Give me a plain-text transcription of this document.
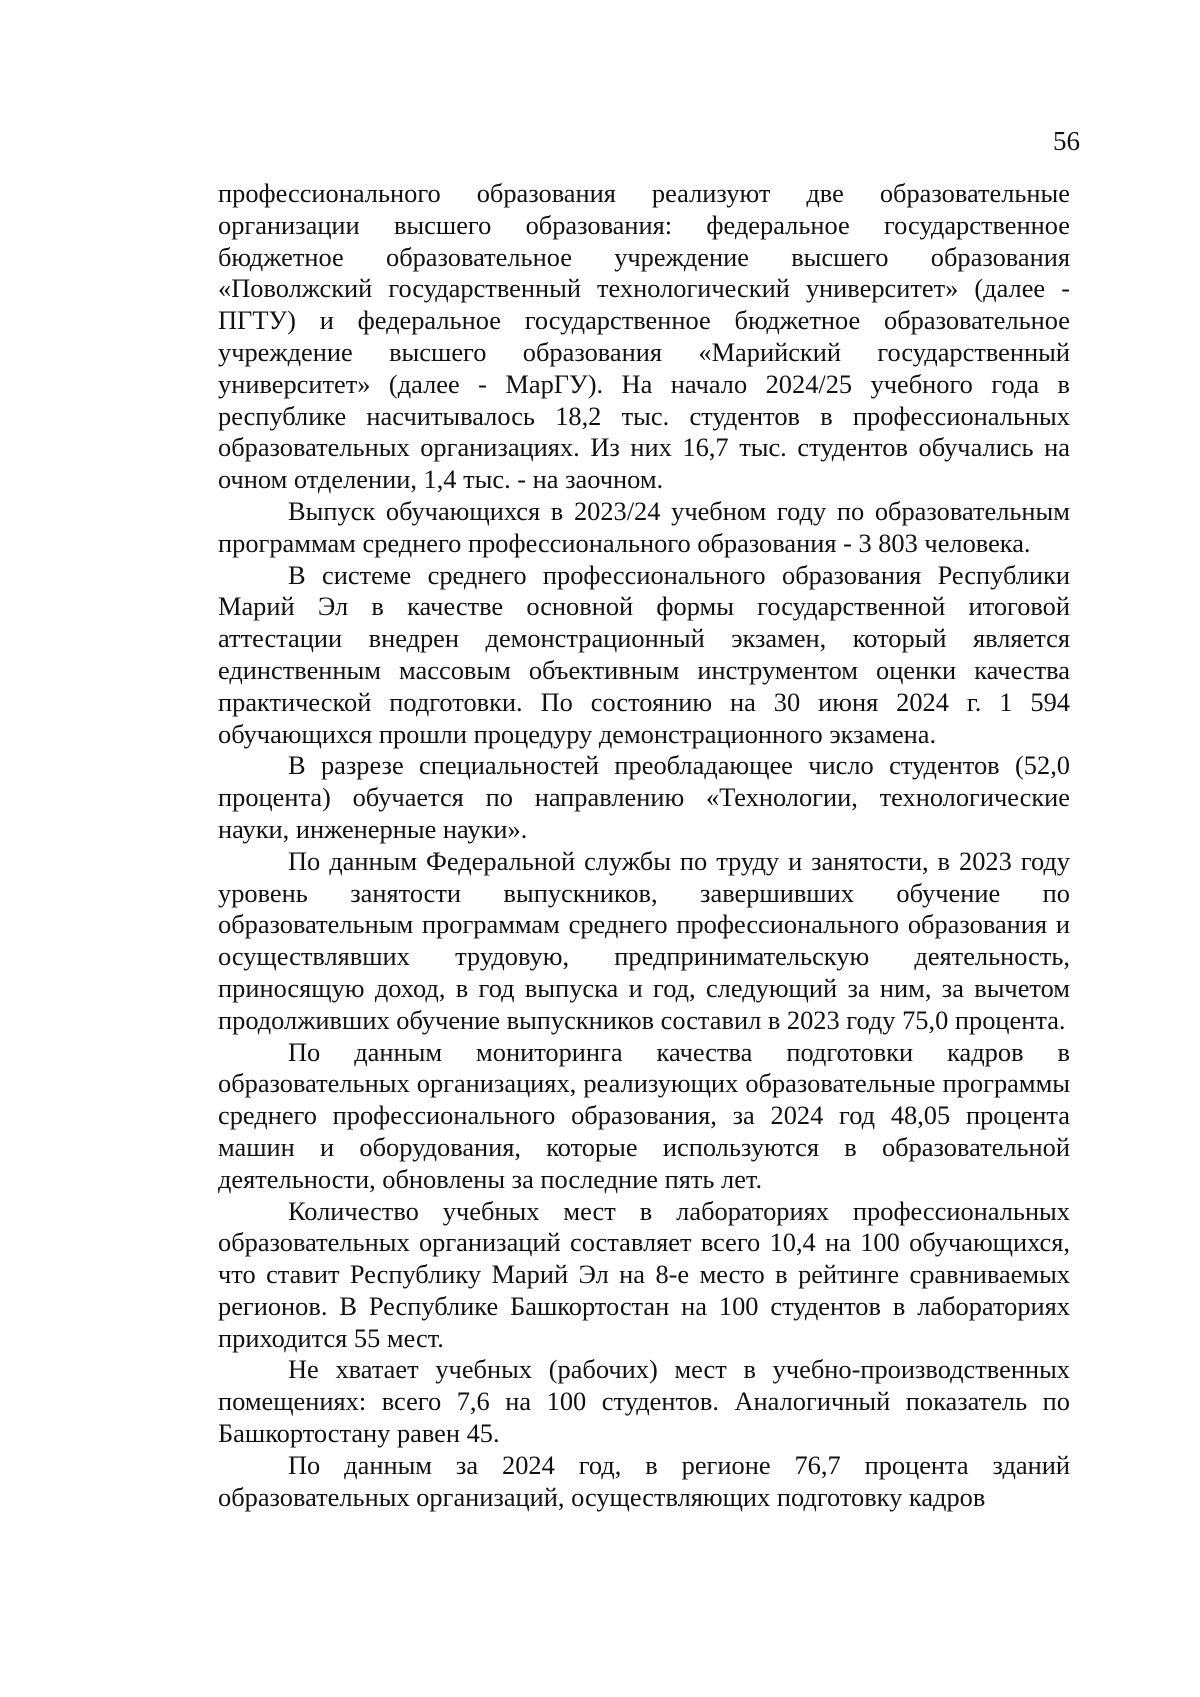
56

профессионального образования реализуют две образовательные организации высшего образования: федеральное государственное бюджетное образовательное учреждение высшего образования «Поволжский государственный технологический университет» (далее - ПГТУ) и федеральное государственное бюджетное образовательное учреждение высшего образования «Марийский государственный университет» (далее - МарГУ). На начало 2024/25 учебного года в республике насчитывалось 18,2 тыс. студентов в профессиональных образовательных организациях. Из них 16,7 тыс. студентов обучались на очном отделении, 1,4 тыс. - на заочном.

Выпуск обучающихся в 2023/24 учебном году по образовательным программам среднего профессионального образования - 3 803 человека.

В системе среднего профессионального образования Республики Марий Эл в качестве основной формы государственной итоговой аттестации внедрен демонстрационный экзамен, который является единственным массовым объективным инструментом оценки качества практической подготовки. По состоянию на 30 июня 2024 г. 1 594 обучающихся прошли процедуру демонстрационного экзамена.

В разрезе специальностей преобладающее число студентов (52,0 процента) обучается по направлению «Технологии, технологические науки, инженерные науки».

По данным Федеральной службы по труду и занятости, в 2023 году уровень занятости выпускников, завершивших обучение по образовательным программам среднего профессионального образования и осуществлявших трудовую, предпринимательскую деятельность, приносящую доход, в год выпуска и год, следующий за ним, за вычетом продолживших обучение выпускников составил в 2023 году 75,0 процента.

По данным мониторинга качества подготовки кадров в образовательных организациях, реализующих образовательные программы среднего профессионального образования, за 2024 год 48,05 процента машин и оборудования, которые используются в образовательной деятельности, обновлены за последние пять лет.

Количество учебных мест в лабораториях профессиональных образовательных организаций составляет всего 10,4 на 100 обучающихся, что ставит Республику Марий Эл на 8-е место в рейтинге сравниваемых регионов. В Республике Башкортостан на 100 студентов в лабораториях приходится 55 мест.

Не хватает учебных (рабочих) мест в учебно-производственных помещениях: всего 7,6 на 100 студентов. Аналогичный показатель по Башкортостану равен 45.

По данным за 2024 год, в регионе 76,7 процента зданий образовательных организаций, осуществляющих подготовку кадров
